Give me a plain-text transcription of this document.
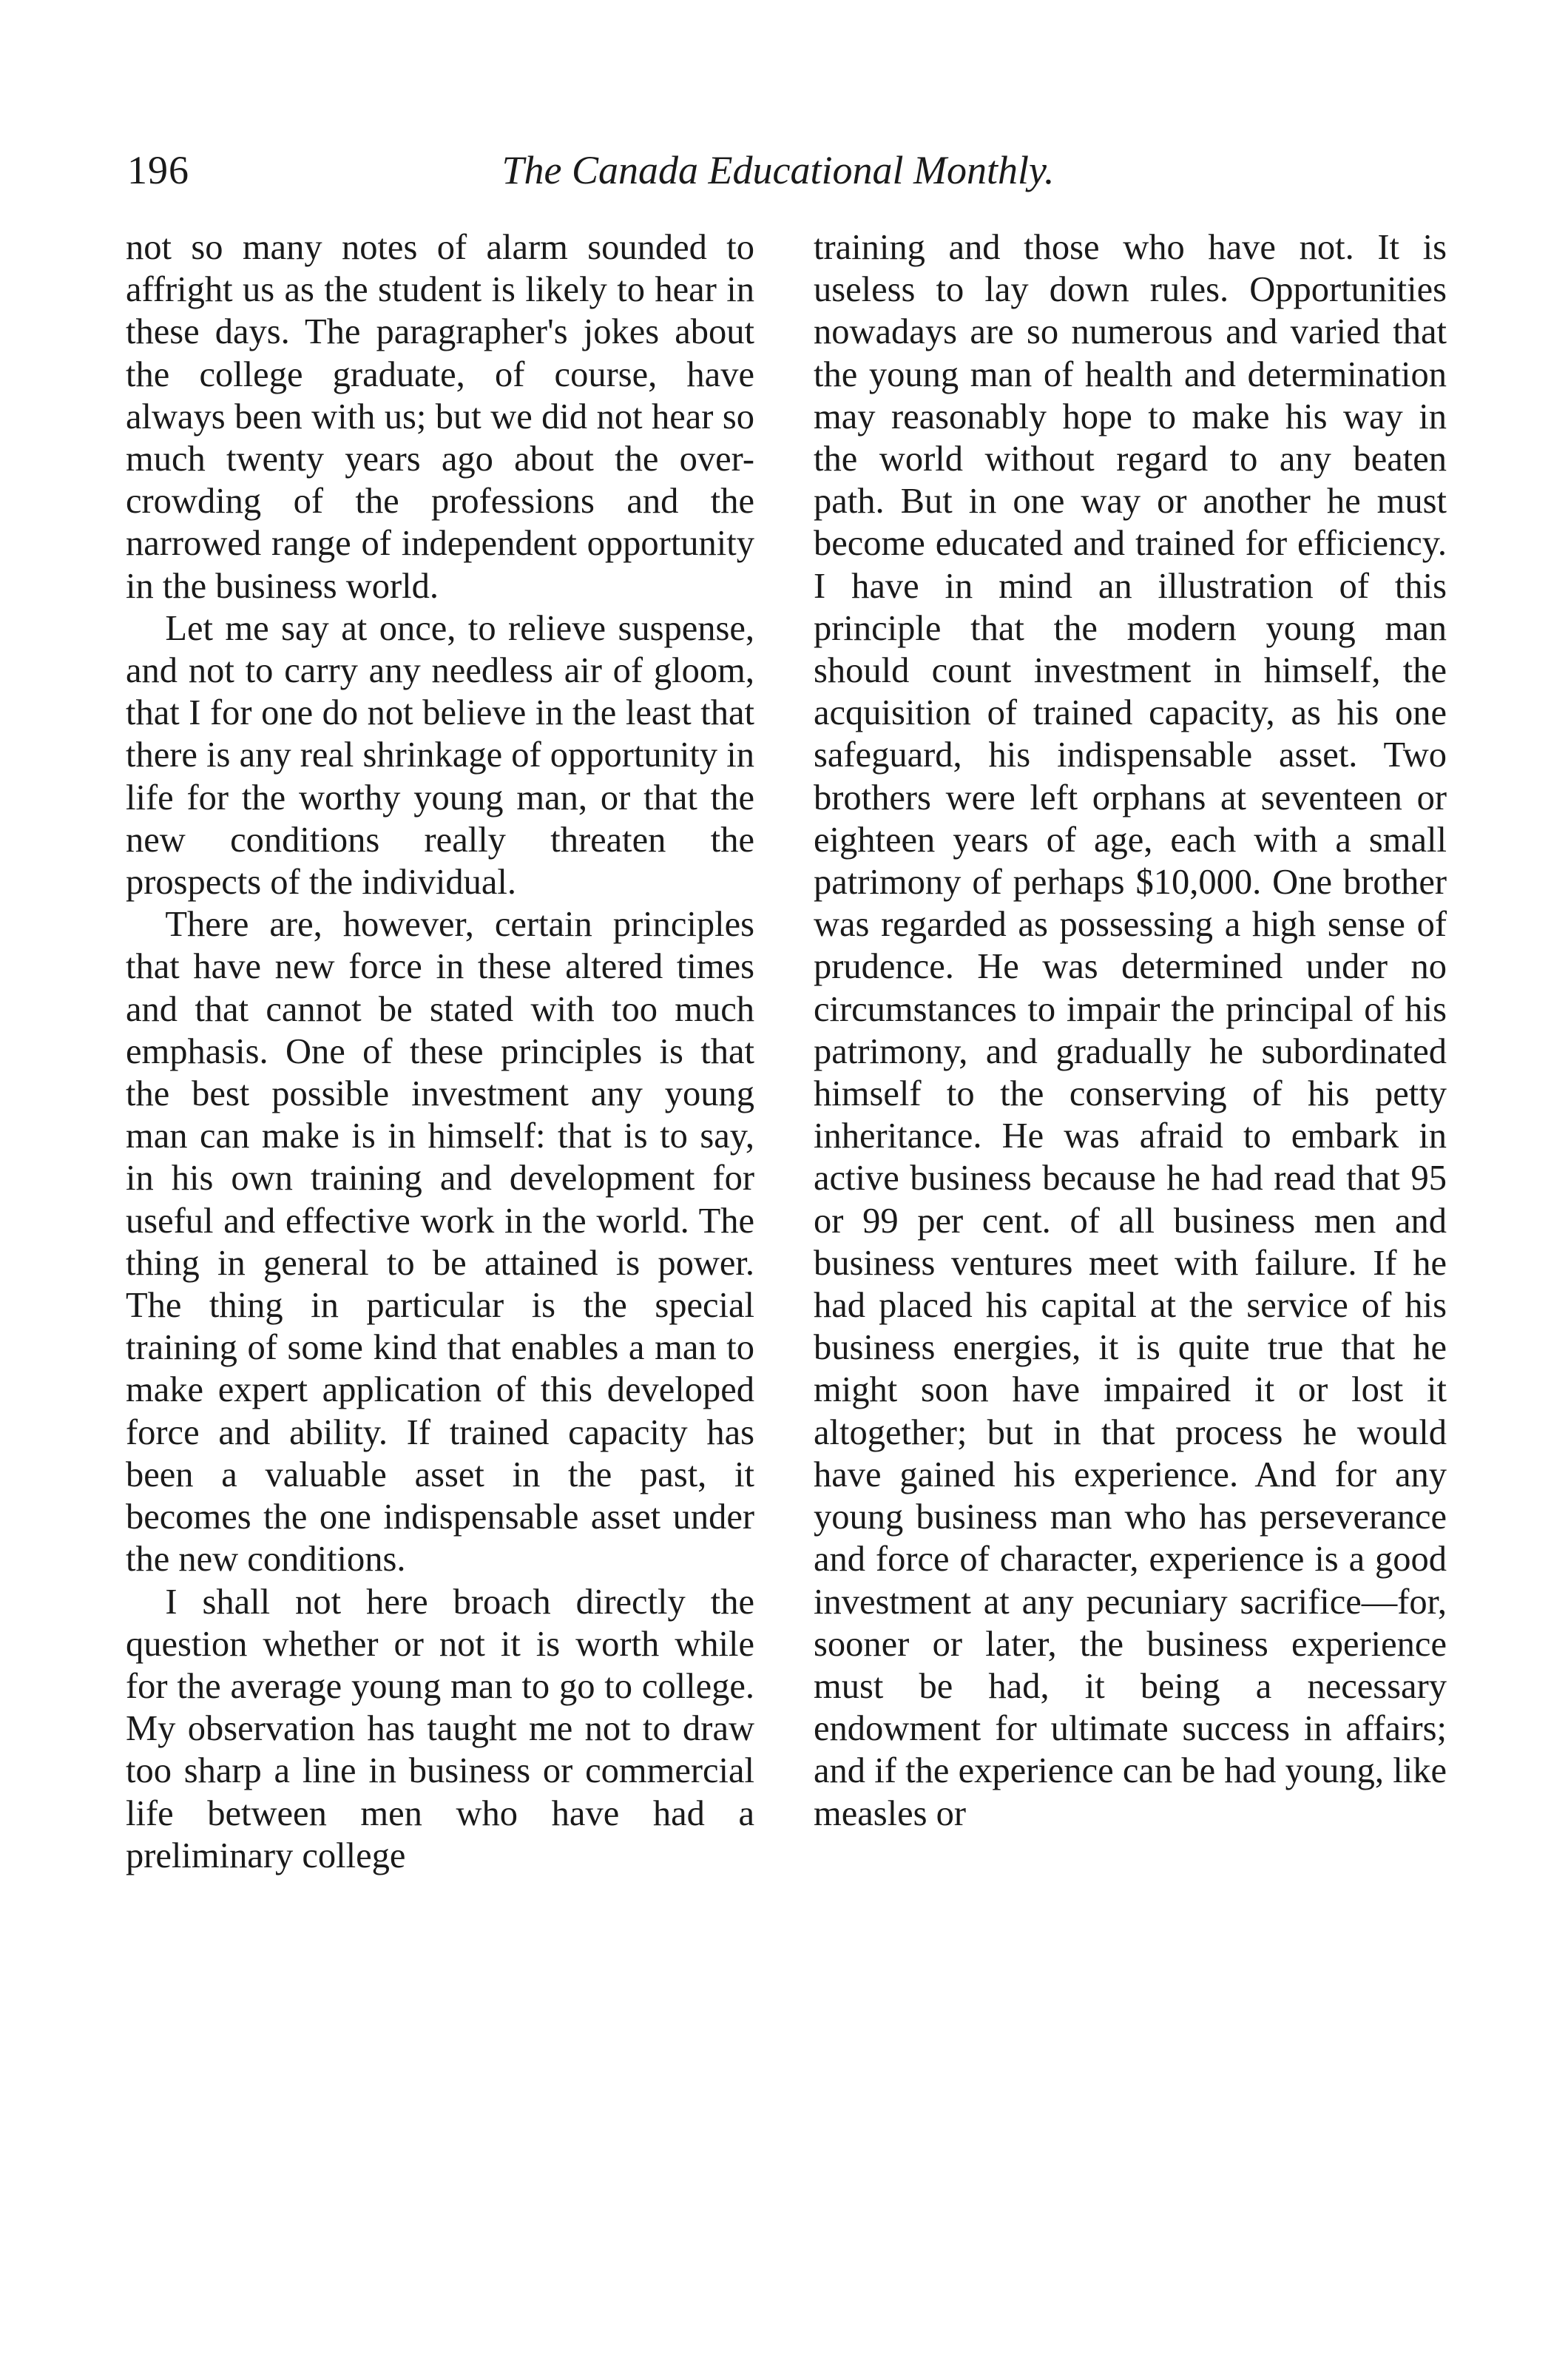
196	The Canada Educational Monthly.

not so many notes of alarm sounded to affright us as the student is likely to hear in these days. The paragrapher's jokes about the college graduate, of course, have always been with us; but we did not hear so much twenty years ago about the over-crowding of the professions and the narrowed range of independent opportunity in the business world.

Let me say at once, to relieve suspense, and not to carry any needless air of gloom, that I for one do not believe in the least that there is any real shrinkage of opportunity in life for the worthy young man, or that the new conditions really threaten the prospects of the individual.

There are, however, certain principles that have new force in these altered times and that cannot be stated with too much emphasis. One of these principles is that the best possible investment any young man can make is in himself: that is to say, in his own training and development for useful and effective work in the world. The thing in general to be attained is power. The thing in particular is the special training of some kind that enables a man to make expert application of this developed force and ability. If trained capacity has been a valuable asset in the past, it becomes the one indispensable asset under the new conditions.

I shall not here broach directly the question whether or not it is worth while for the average young man to go to college. My observation has taught me not to draw too sharp a line in business or commercial life between men who have had a preliminary college

training and those who have not. It is useless to lay down rules. Opportunities nowadays are so numerous and varied that the young man of health and determination may reasonably hope to make his way in the world without regard to any beaten path. But in one way or another he must become educated and trained for efficiency. I have in mind an illustration of this principle that the modern young man should count investment in himself, the acquisition of trained capacity, as his one safeguard, his indispensable asset. Two brothers were left orphans at seventeen or eighteen years of age, each with a small patrimony of perhaps $10,000. One brother was regarded as possessing a high sense of prudence. He was determined under no circumstances to impair the principal of his patrimony, and gradually he subordinated himself to the conserving of his petty inheritance. He was afraid to embark in active business because he had read that 95 or 99 per cent. of all business men and business ventures meet with failure. If he had placed his capital at the service of his business energies, it is quite true that he might soon have impaired it or lost it altogether; but in that process he would have gained his experience. And for any young business man who has perseverance and force of character, experience is a good investment at any pecuniary sacrifice—for, sooner or later, the business experience must be had, it being a necessary endowment for ultimate success in affairs; and if the experience can be had young, like measles or
